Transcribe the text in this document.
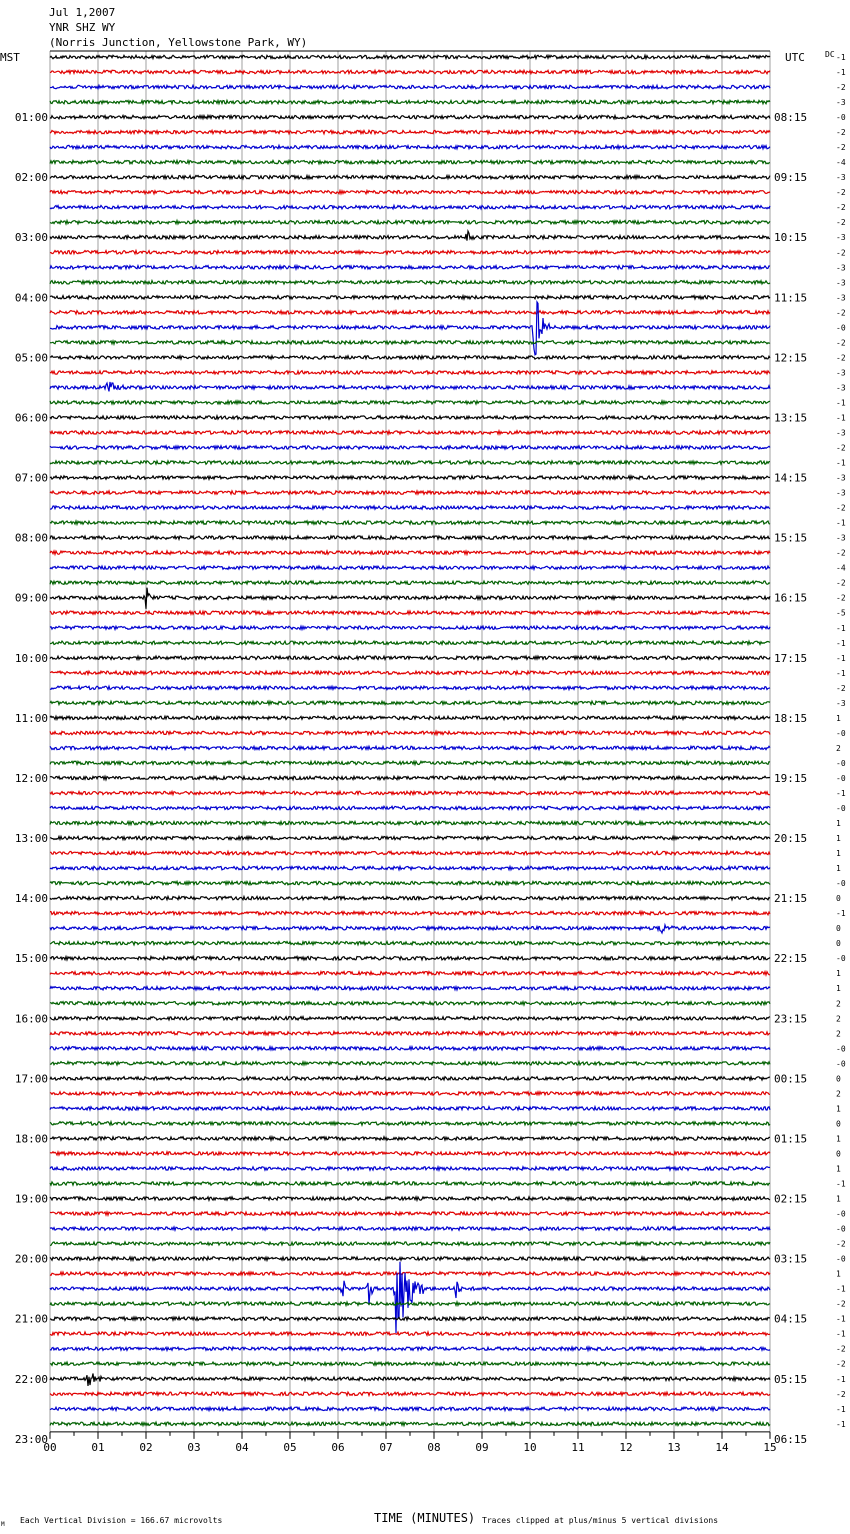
Jul 1,2007
YNR SHZ WY
(Norris Junction, Yellowstone Park, WY)
MST	UTC	DC
TIME (MINUTES)
Each Vertical Division = 166.67 microvolts	Traces clipped at plus/minus 5 vertical divisions
M
00	01	02	03	04	05	06	07	08	09	10	11	12	13	14	15
-1
-1
-2
-3
-0
-2
-2
-4
-3
-2
-2
-2
-3
-2
-3
-3
-3
-2
-0
-2
-2
-3
-3
-1
-1
-3
-2
-1
-3
-3
-2
-1
-3
-2
-4
-2
-2
-5
-1
-1
-1
-1
-2
-3
1
-0
2
-0
-0
-1
-0
1
1
1
1
-0
0
-1
0
0
-0
1
1
2
2
2
-0
-0
0
2
1
0
1
0
1
-1
1
-0
-0
-2
-0
1
-1
-2
-1
-1
-2
-2
-1
-2
-1
-1
01:00	08:15
02:00	09:15
03:00	10:15
04:00	11:15
05:00	12:15
06:00	13:15
07:00	14:15
08:00	15:15
09:00	16:15
10:00	17:15
11:00	18:15
12:00	19:15
13:00	20:15
14:00	21:15
15:00	22:15
16:00	23:15
17:00	00:15
18:00	01:15
19:00	02:15
20:00	03:15
21:00	04:15
22:00	05:15
23:00	06:15
